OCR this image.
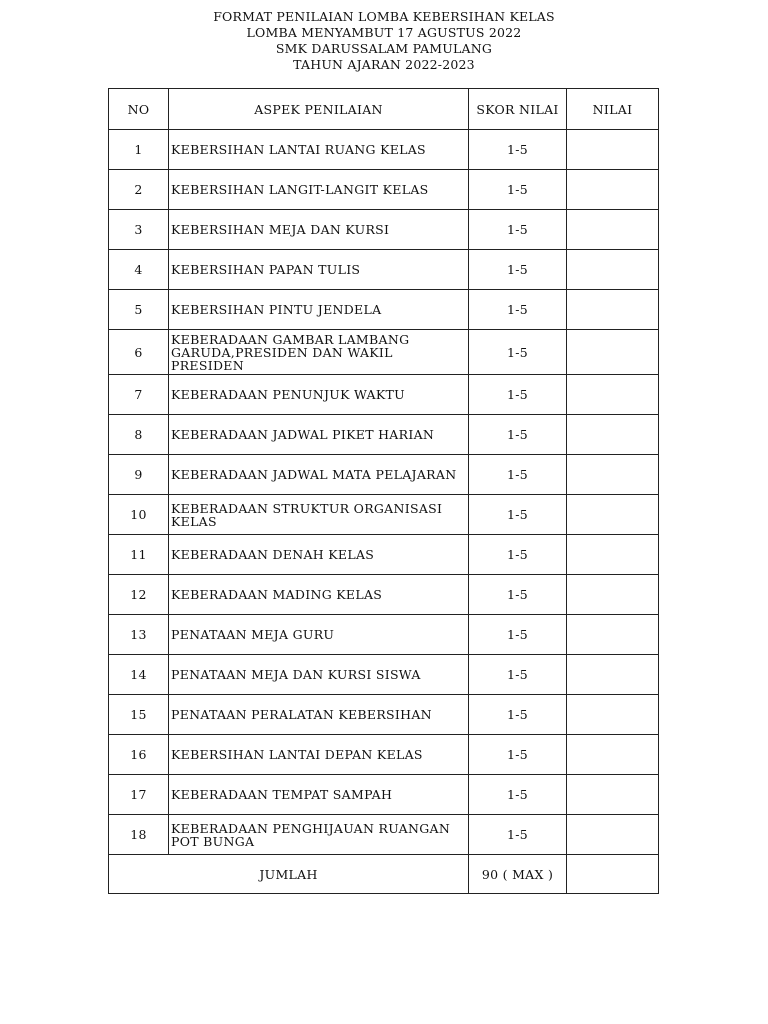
FORMAT PENILAIAN LOMBA KEBERSIHAN KELAS
LOMBA MENYAMBUT 17 AGUSTUS 2022
SMK DARUSSALAM PAMULANG
TAHUN AJARAN 2022-2023
NO	ASPEK PENILAIAN	SKOR NILAI	NILAI
1	KEBERSIHAN LANTAI RUANG KELAS	1-5	
2	KEBERSIHAN LANGIT-LANGIT KELAS	1-5	
3	KEBERSIHAN MEJA DAN KURSI	1-5	
4	KEBERSIHAN PAPAN TULIS	1-5	
5	KEBERSIHAN PINTU JENDELA	1-5	
6	KEBERADAAN GAMBAR LAMBANG GARUDA,PRESIDEN DAN WAKIL PRESIDEN	1-5	
7	KEBERADAAN PENUNJUK WAKTU	1-5	
8	KEBERADAAN JADWAL PIKET HARIAN	1-5	
9	KEBERADAAN JADWAL MATA PELAJARAN	1-5	
10	KEBERADAAN STRUKTUR ORGANISASI KELAS	1-5	
11	KEBERADAAN DENAH KELAS	1-5	
12	KEBERADAAN MADING KELAS	1-5	
13	PENATAAN MEJA GURU	1-5	
14	PENATAAN MEJA DAN KURSI SISWA	1-5	
15	PENATAAN PERALATAN KEBERSIHAN	1-5	
16	KEBERSIHAN LANTAI DEPAN KELAS	1-5	
17	KEBERADAAN TEMPAT SAMPAH	1-5	
18	KEBERADAAN PENGHIJAUAN RUANGAN POT BUNGA	1-5	
JUMLAH		90 ( MAX )	
